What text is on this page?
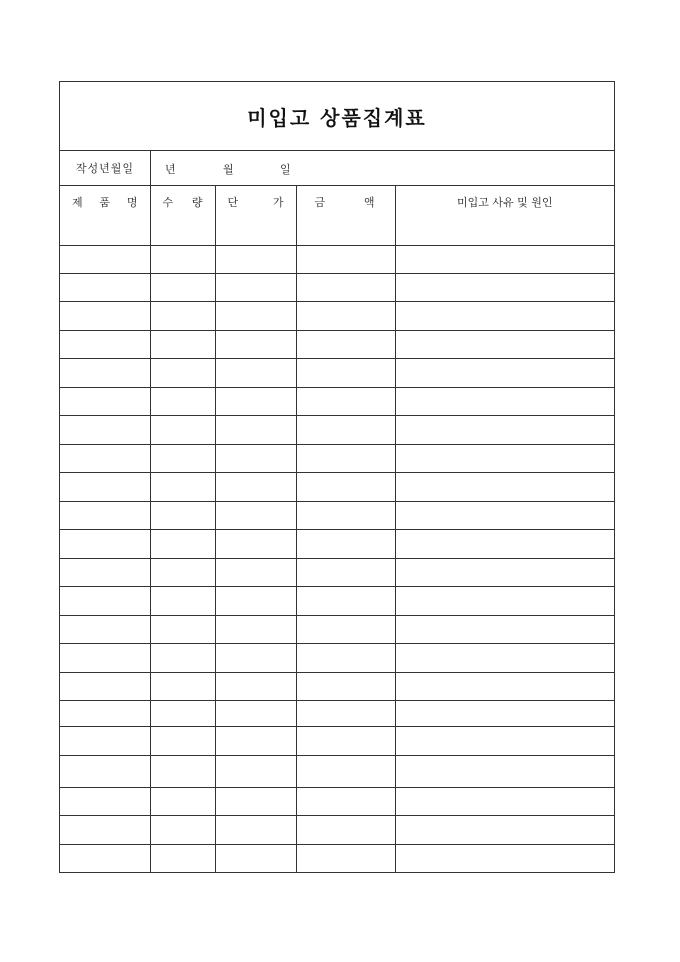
미입고 상품집계표
작성년월일	년	월	일
제 품 명	수 량	단 가	금 액	미입고 사유 및 원인
